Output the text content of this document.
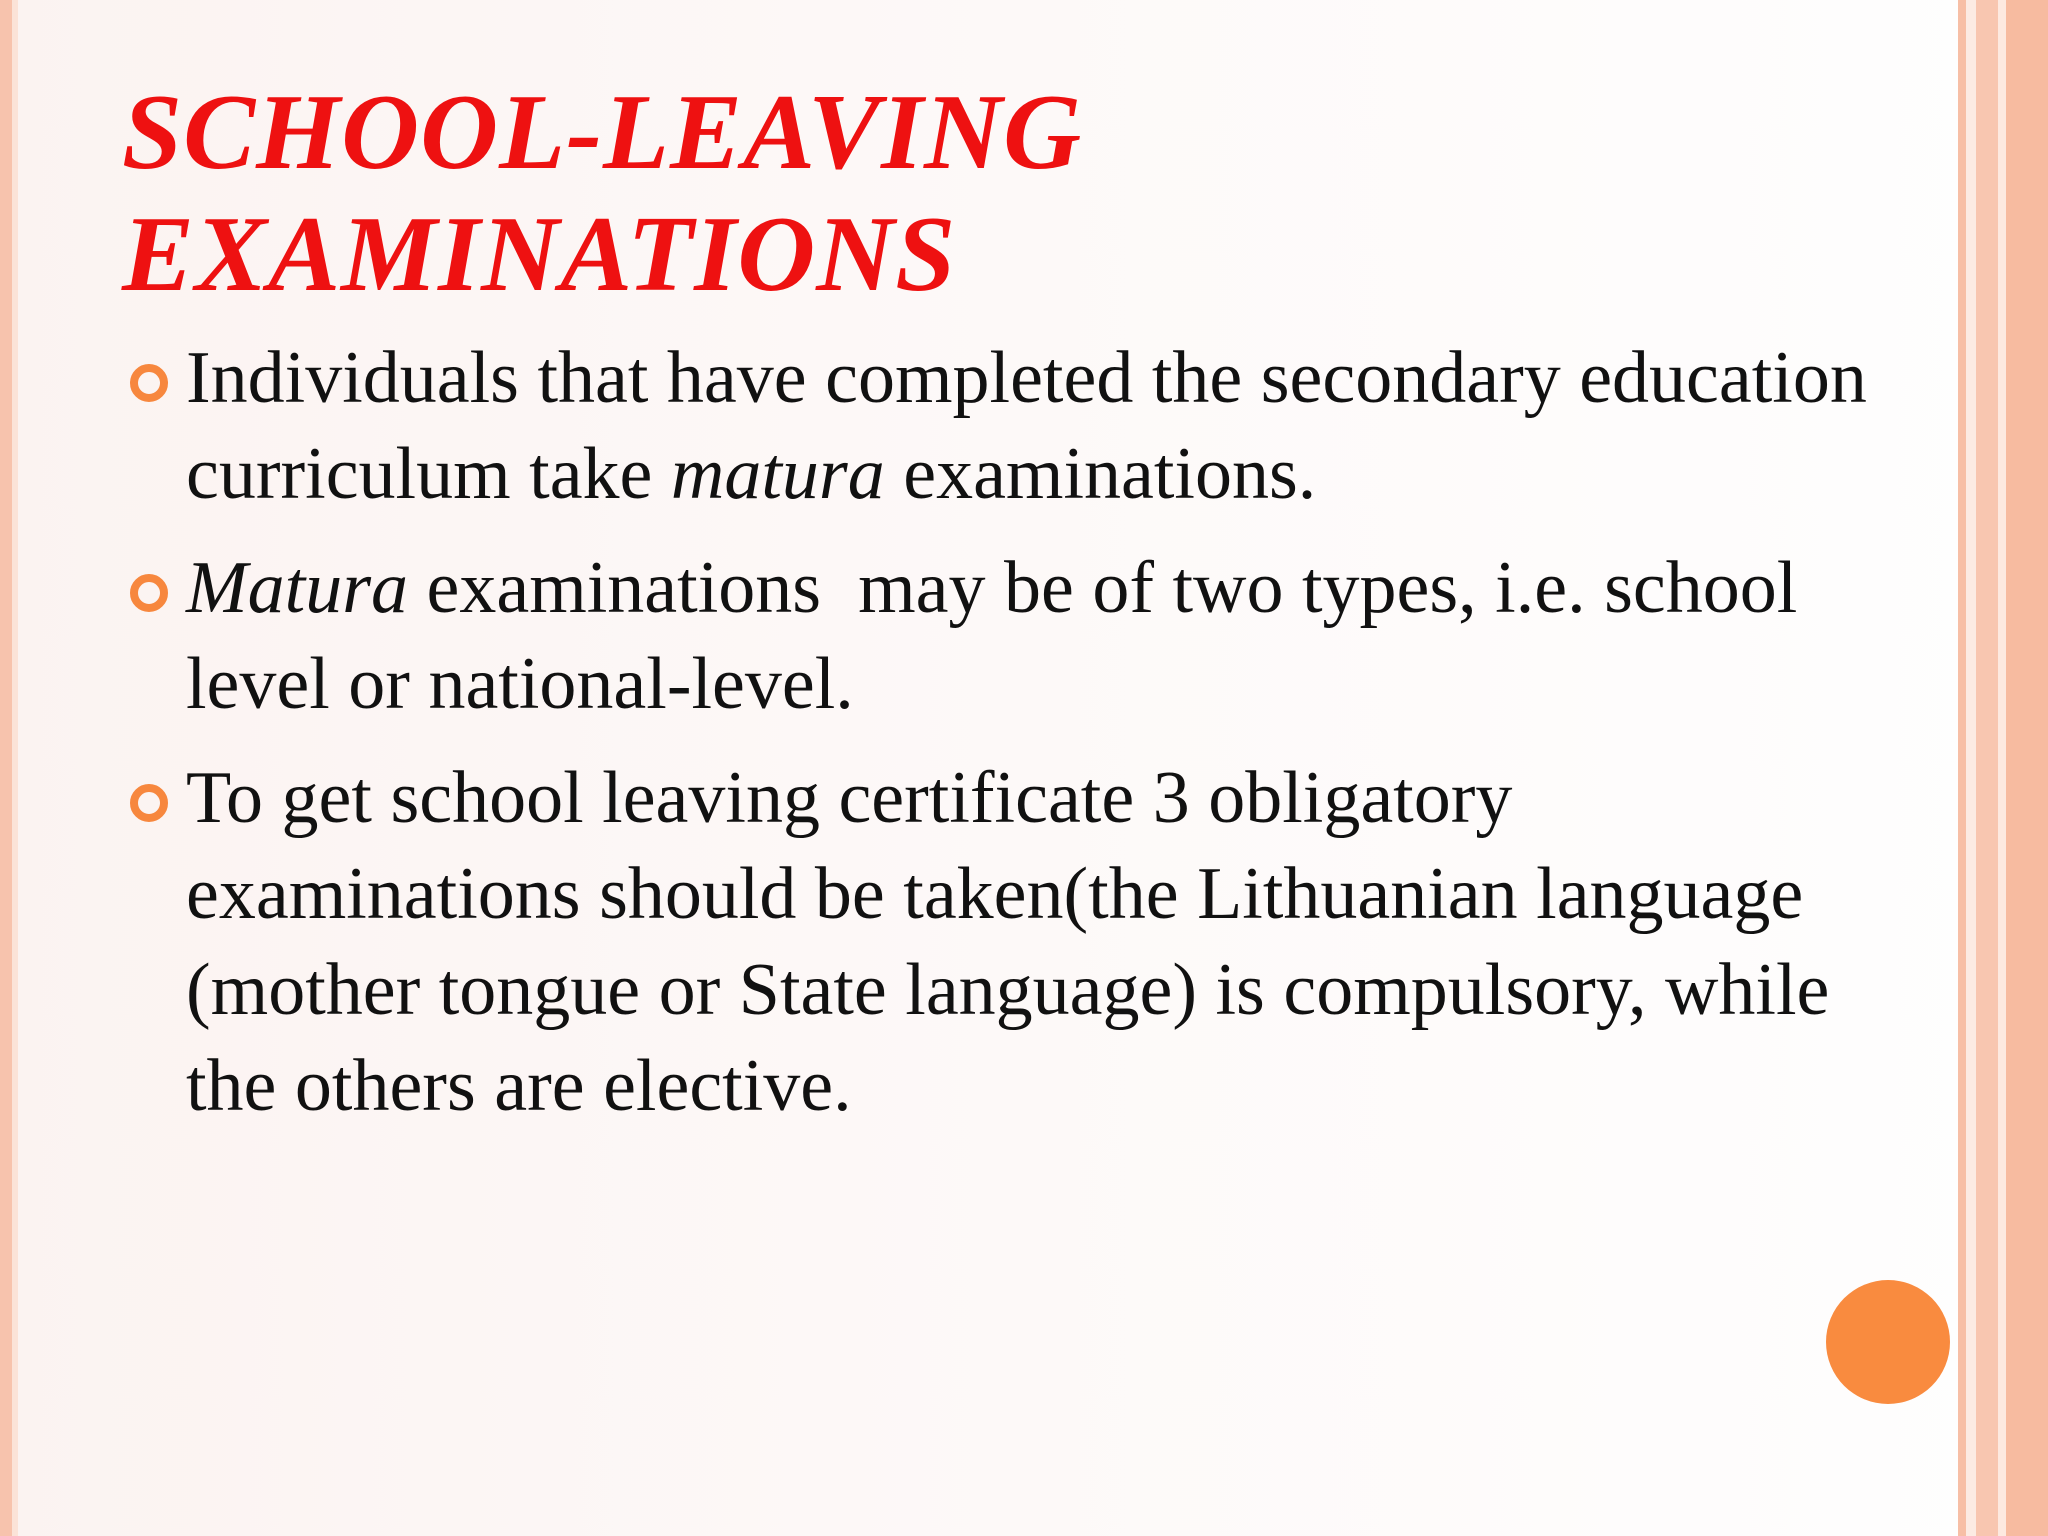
SCHOOL-LEAVING
EXAMINATIONS
Individuals that have completed the secondary education curriculum take matura examinations.
Matura examinations  may be of two types, i.e. school level or national-level.
To get school leaving certificate 3 obligatory examinations should be taken(the Lithuanian language (mother tongue or State language) is compulsory, while the others are elective.
